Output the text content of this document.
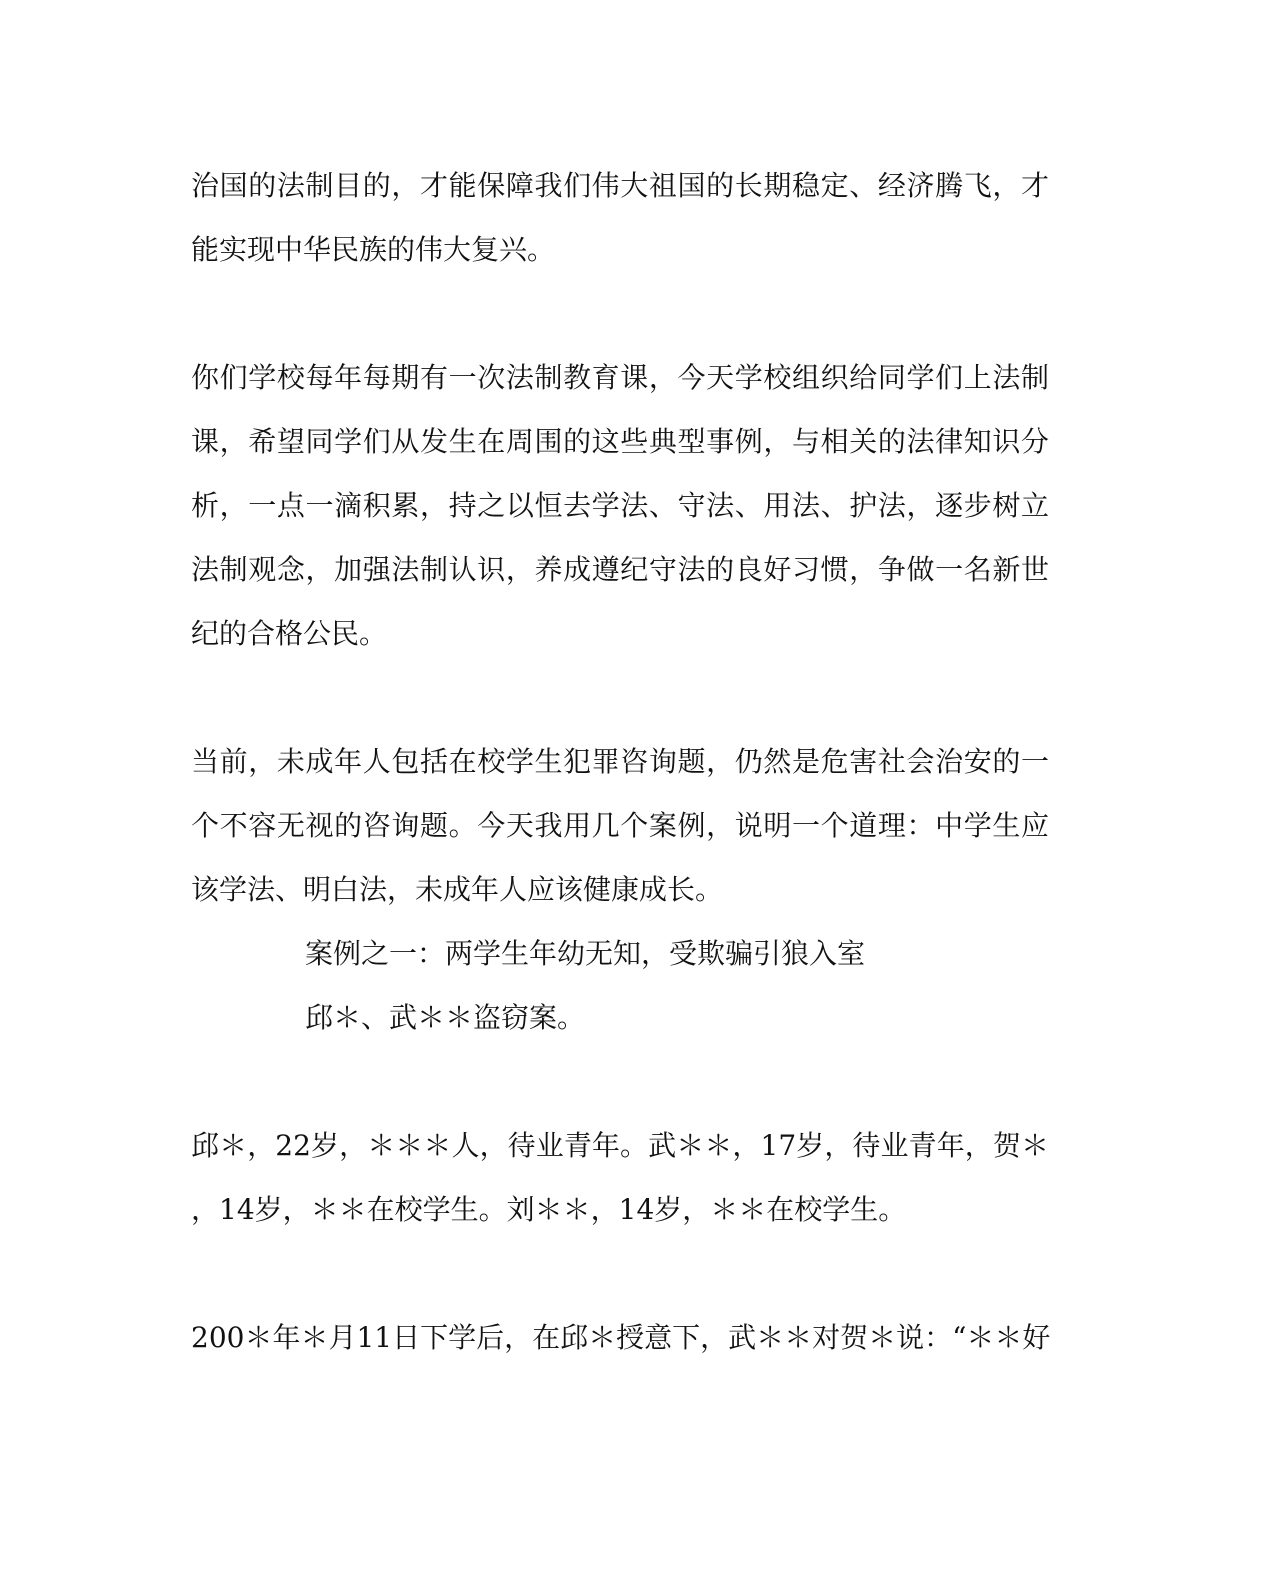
治国的法制目的，才能保障我们伟大祖国的长期稳定、经济腾飞，才
能实现中华民族的伟大复兴。
你们学校每年每期有一次法制教育课，今天学校组织给同学们上法制
课，希望同学们从发生在周围的这些典型事例，与相关的法律知识分
析，一点一滴积累，持之以恒去学法、守法、用法、护法，逐步树立
法制观念，加强法制认识，养成遵纪守法的良好习惯，争做一名新世
纪的合格公民。
当前，未成年人包括在校学生犯罪咨询题，仍然是危害社会治安的一
个不容无视的咨询题。今天我用几个案例，说明一个道理：中学生应
该学法、明白法，未成年人应该健康成长。
案例之一：两学生年幼无知，受欺骗引狼入室
邱＊、武＊＊盗窃案。
邱＊，22岁，＊＊＊人，待业青年。武＊＊，17岁，待业青年，贺＊
，14岁，＊＊在校学生。刘＊＊，14岁，＊＊在校学生。
200＊年＊月11日下学后，在邱＊授意下，武＊＊对贺＊说：“＊＊好
